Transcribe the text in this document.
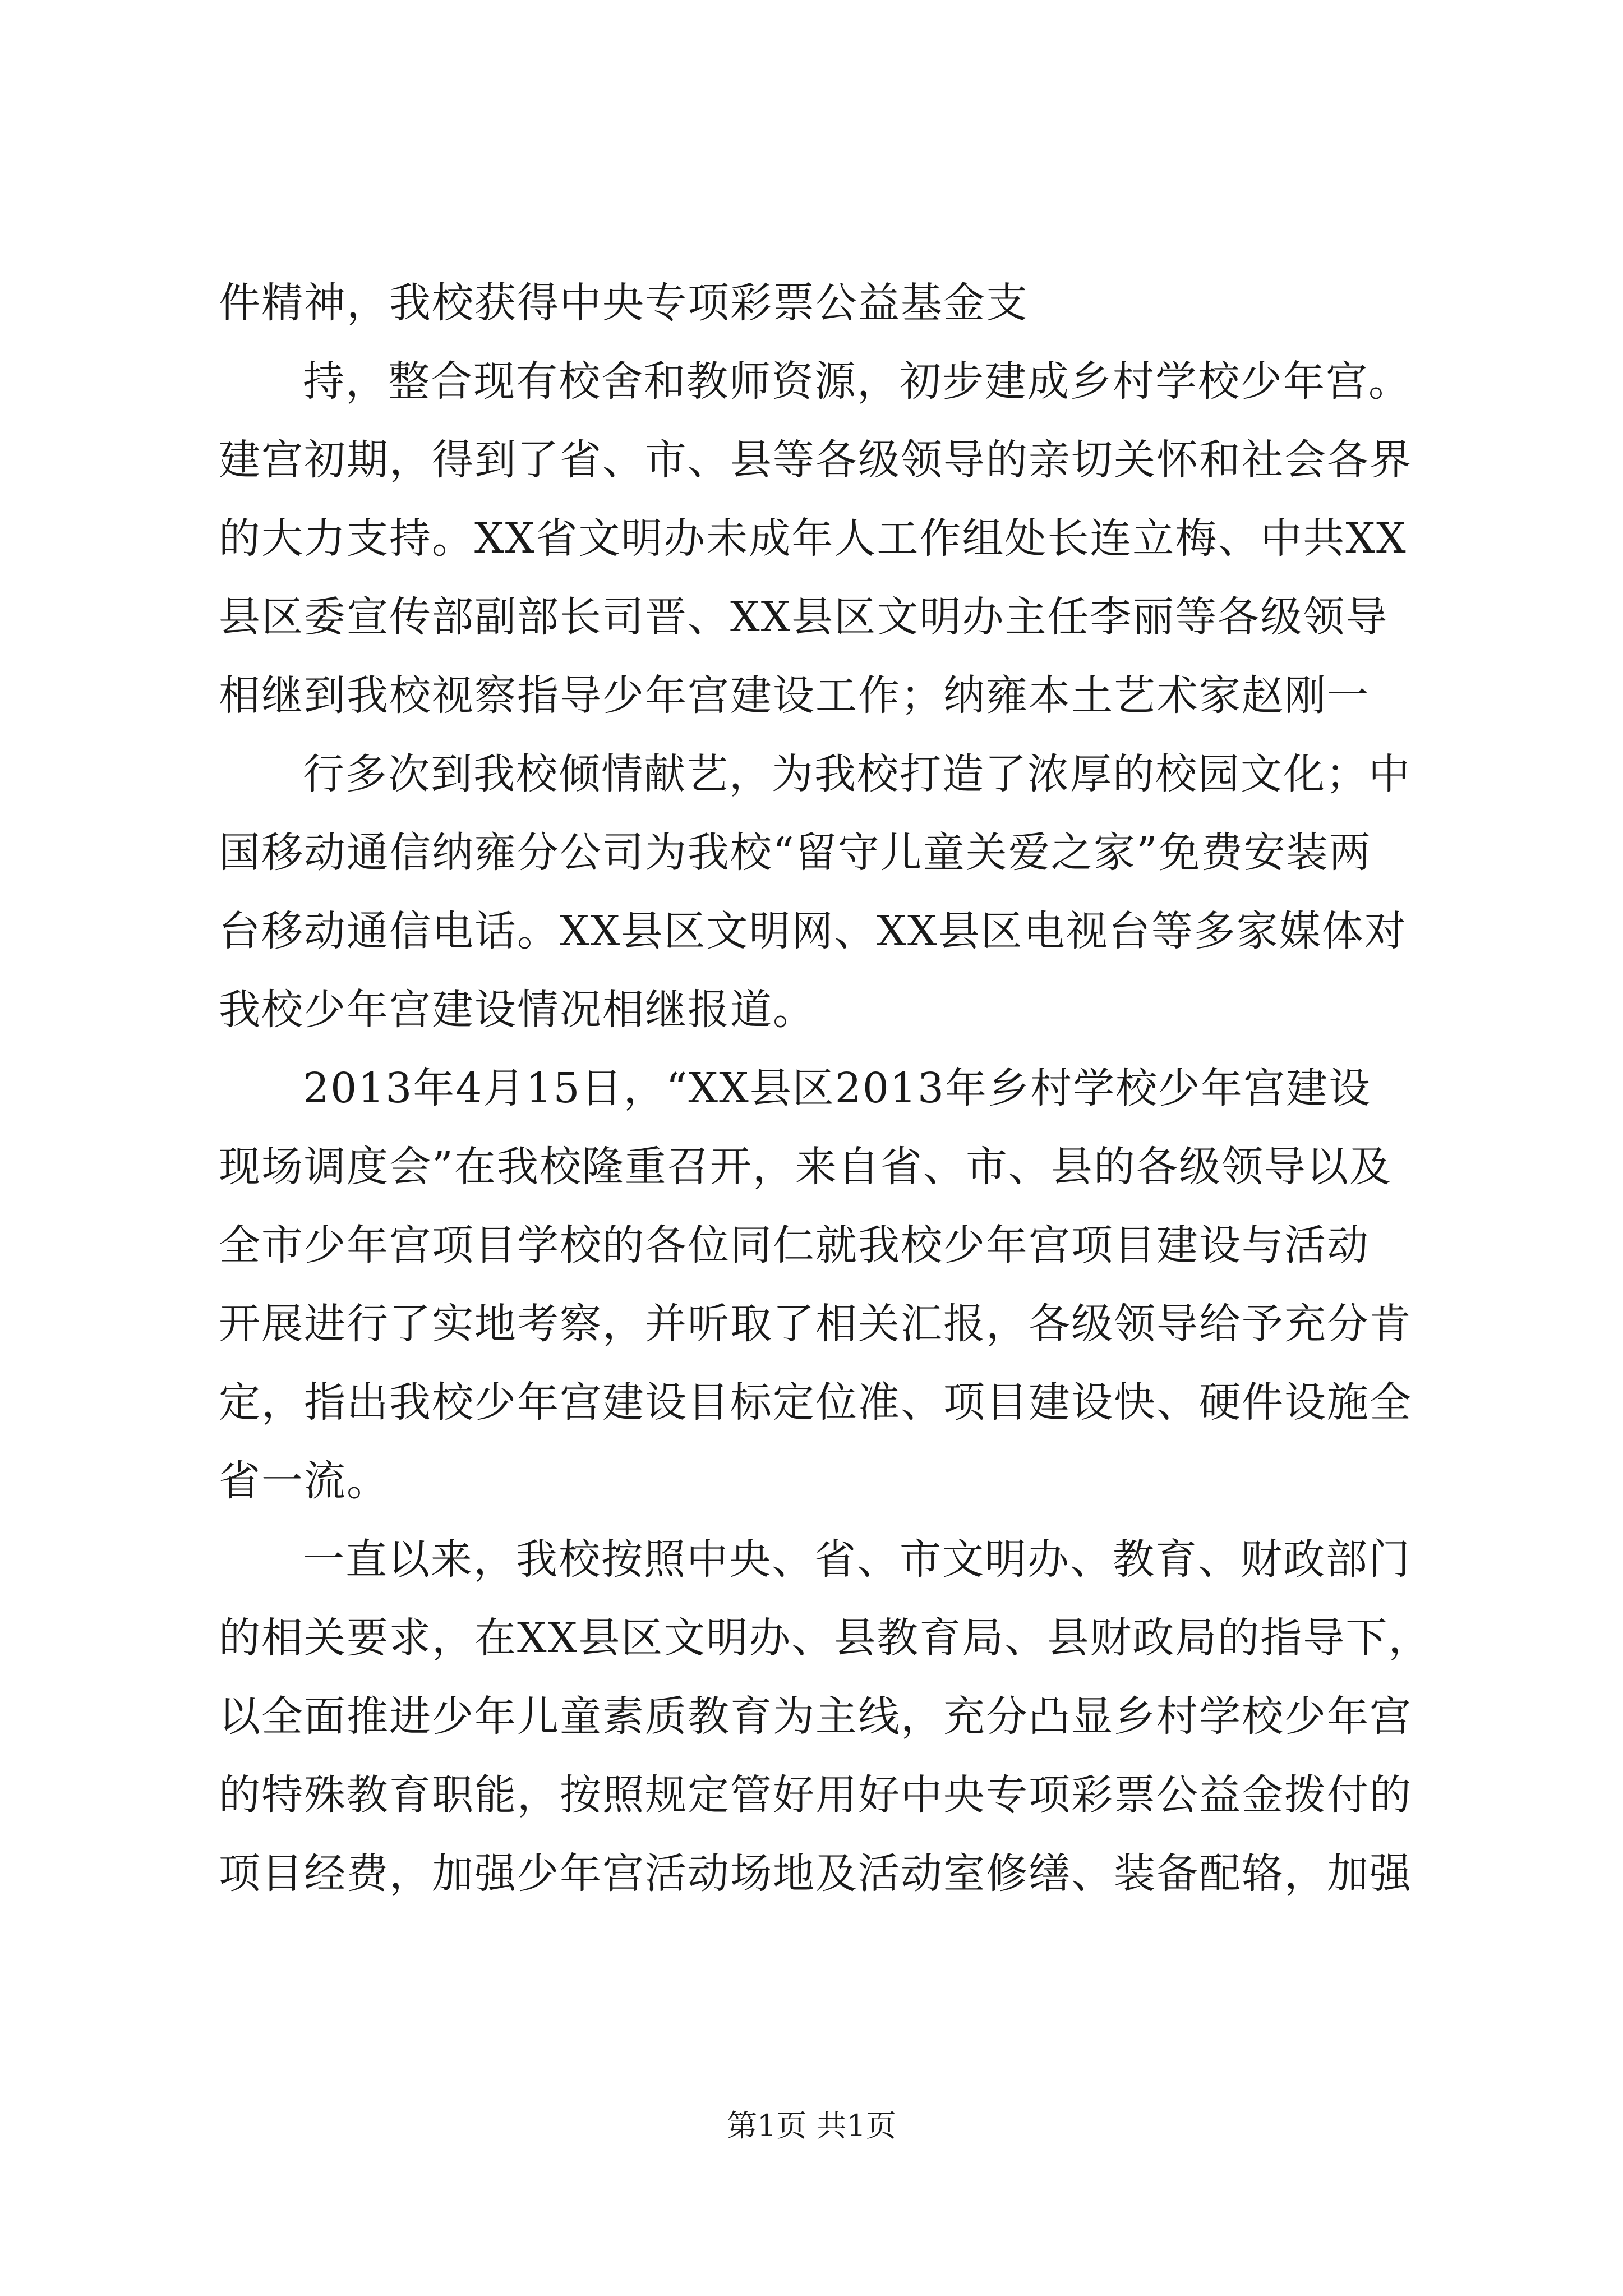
件精神，我校获得中央专项彩票公益基金支
持，整合现有校舍和教师资源，初步建成乡村学校少年宫。
建宫初期，得到了省、市、县等各级领导的亲切关怀和社会各界
的大力支持。XX省文明办未成年人工作组处长连立梅、中共XX
县区委宣传部副部长司晋、XX县区文明办主任李丽等各级领导
相继到我校视察指导少年宫建设工作；纳雍本土艺术家赵刚一
行多次到我校倾情献艺，为我校打造了浓厚的校园文化；中
国移动通信纳雍分公司为我校“留守儿童关爱之家”免费安装两
台移动通信电话。XX县区文明网、XX县区电视台等多家媒体对
我校少年宫建设情况相继报道。
2013年4月15日，“XX县区2013年乡村学校少年宫建设
现场调度会”在我校隆重召开，来自省、市、县的各级领导以及
全市少年宫项目学校的各位同仁就我校少年宫项目建设与活动
开展进行了实地考察，并听取了相关汇报，各级领导给予充分肯
定，指出我校少年宫建设目标定位准、项目建设快、硬件设施全
省一流。
一直以来，我校按照中央、省、市文明办、教育、财政部门
的相关要求，在XX县区文明办、县教育局、县财政局的指导下，
以全面推进少年儿童素质教育为主线，充分凸显乡村学校少年宫
的特殊教育职能，按照规定管好用好中央专项彩票公益金拨付的
项目经费，加强少年宫活动场地及活动室修缮、装备配辂，加强
第1页 共1页
